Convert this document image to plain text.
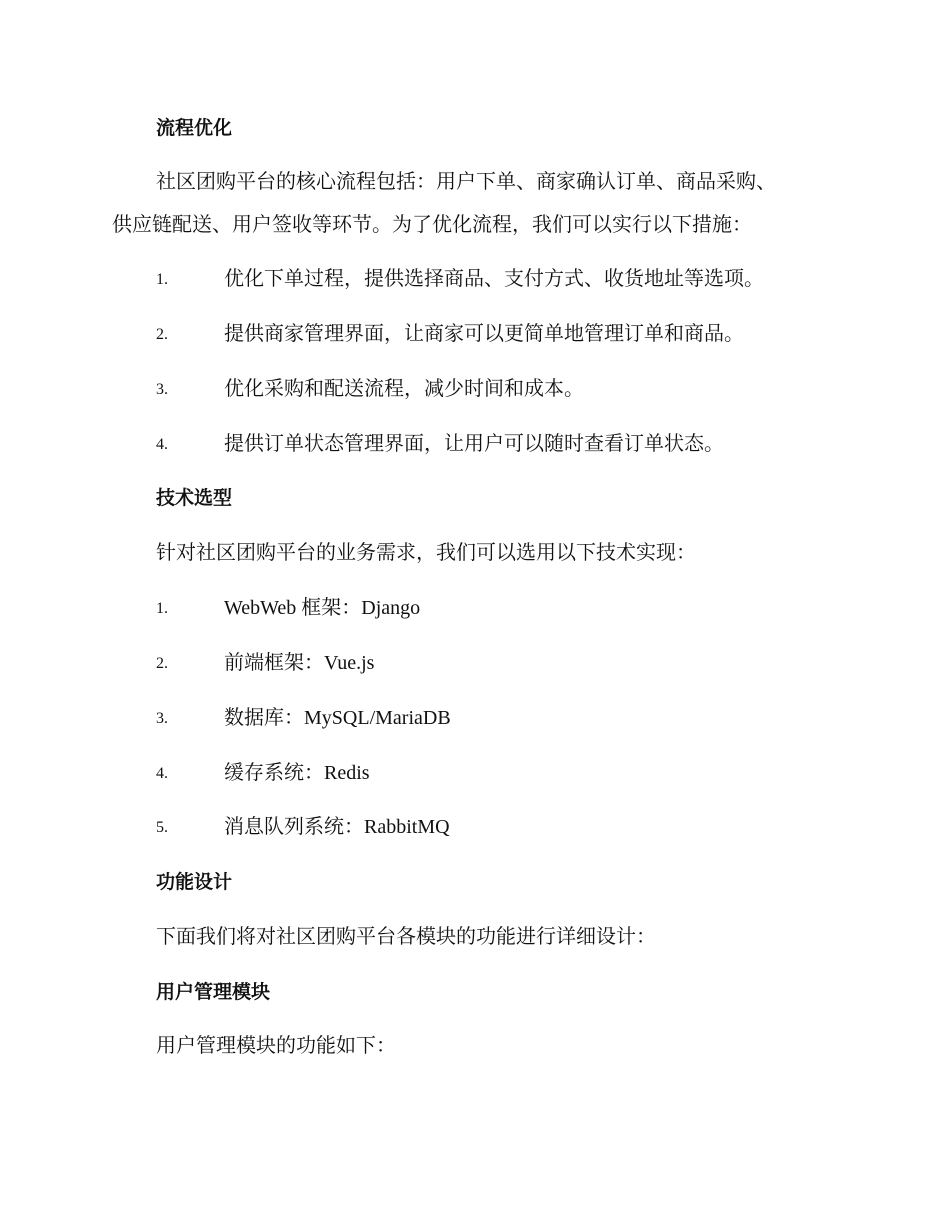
流程优化
社区团购平台的核心流程包括：用户下单、商家确认订单、商品采购、
供应链配送、用户签收等环节。为了优化流程，我们可以实行以下措施：
1.	优化下单过程，提供选择商品、支付方式、收货地址等选项。
2.	提供商家管理界面，让商家可以更简单地管理订单和商品。
3.	优化采购和配送流程，减少时间和成本。
4.	提供订单状态管理界面，让用户可以随时查看订单状态。
技术选型
针对社区团购平台的业务需求，我们可以选用以下技术实现：
1.	WebWeb 框架：Django
2.	前端框架：Vue.js
3.	数据库：MySQL/MariaDB
4.	缓存系统：Redis
5.	消息队列系统：RabbitMQ
功能设计
下面我们将对社区团购平台各模块的功能进行详细设计：
用户管理模块
用户管理模块的功能如下：
